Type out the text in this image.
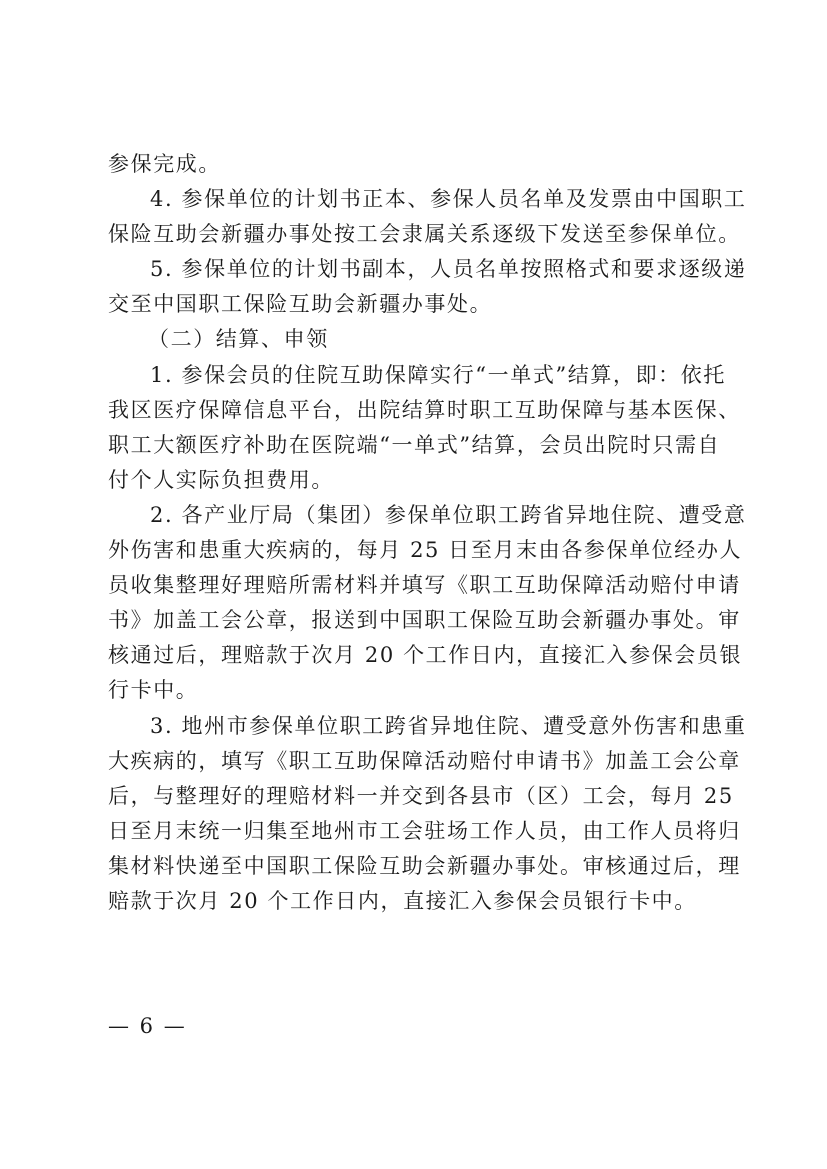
参保完成。
4. 参保单位的计划书正本、参保人员名单及发票由中国职工
保险互助会新疆办事处按工会隶属关系逐级下发送至参保单位。
5. 参保单位的计划书副本，人员名单按照格式和要求逐级递
交至中国职工保险互助会新疆办事处。
（二）结算、申领
1. 参保会员的住院互助保障实行“一单式”结算，即：依托
我区医疗保障信息平台，出院结算时职工互助保障与基本医保、
职工大额医疗补助在医院端“一单式”结算，会员出院时只需自
付个人实际负担费用。
2. 各产业厅局（集团）参保单位职工跨省异地住院、遭受意
外伤害和患重大疾病的，每月 25 日至月末由各参保单位经办人
员收集整理好理赔所需材料并填写《职工互助保障活动赔付申请
书》加盖工会公章，报送到中国职工保险互助会新疆办事处。审
核通过后，理赔款于次月 20 个工作日内，直接汇入参保会员银
行卡中。
3. 地州市参保单位职工跨省异地住院、遭受意外伤害和患重
大疾病的，填写《职工互助保障活动赔付申请书》加盖工会公章
后，与整理好的理赔材料一并交到各县市（区）工会，每月 25
日至月末统一归集至地州市工会驻场工作人员，由工作人员将归
集材料快递至中国职工保险互助会新疆办事处。审核通过后，理
赔款于次月 20 个工作日内，直接汇入参保会员银行卡中。
— 6 —
